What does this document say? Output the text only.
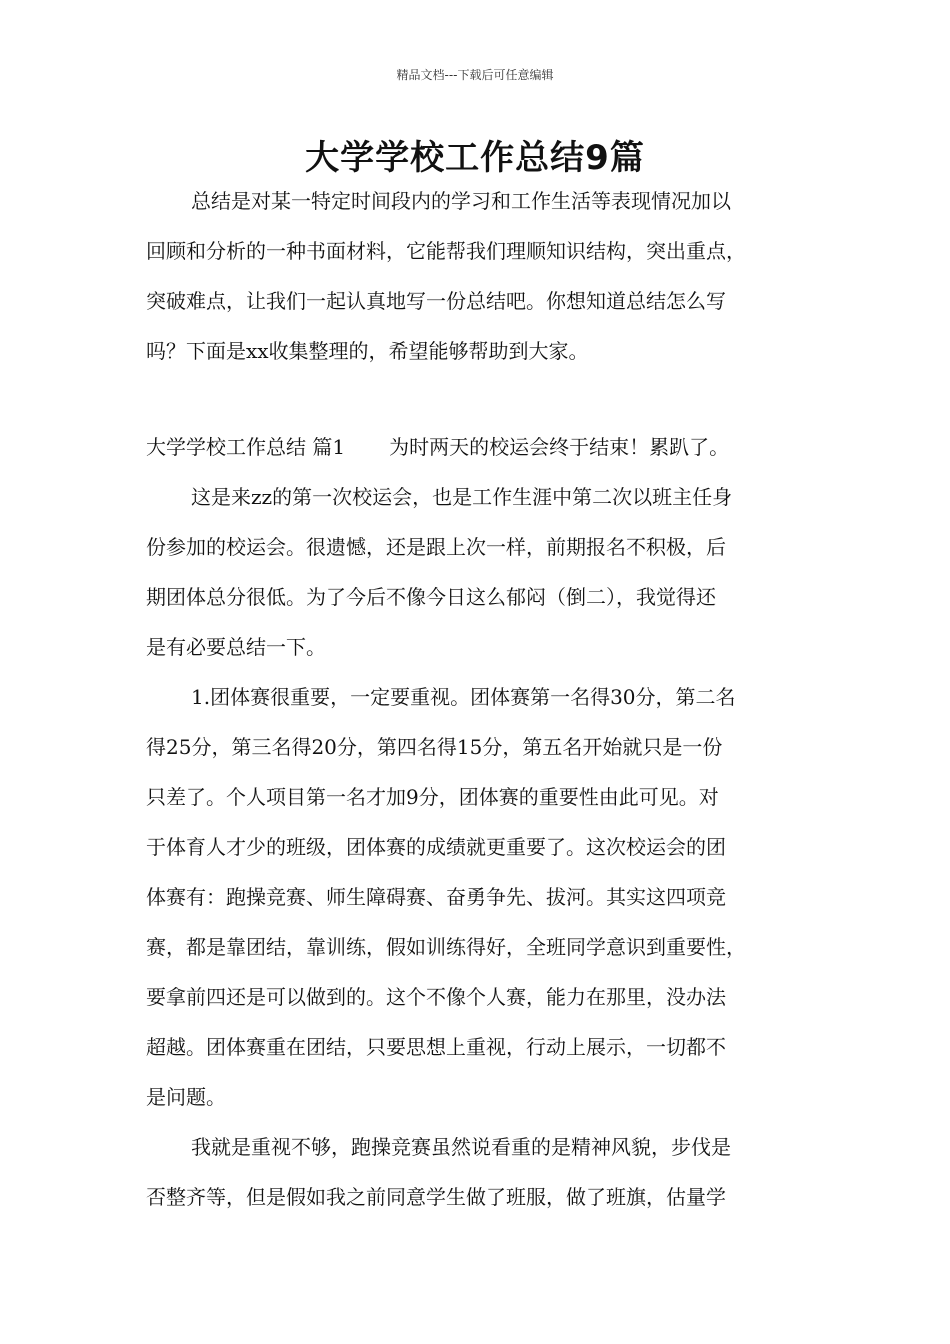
精品文档---下载后可任意编辑
大学学校工作总结9篇
总结是对某一特定时间段内的学习和工作生活等表现情况加以
回顾和分析的一种书面材料，它能帮我们理顺知识结构，突出重点，
突破难点，让我们一起认真地写一份总结吧。你想知道总结怎么写
吗？下面是xx收集整理的，希望能够帮助到大家。
大学学校工作总结 篇1 为时两天的校运会终于结束！累趴了。
这是来zz的第一次校运会，也是工作生涯中第二次以班主任身
份参加的校运会。很遗憾，还是跟上次一样，前期报名不积极，后
期团体总分很低。为了今后不像今日这么郁闷（倒二），我觉得还
是有必要总结一下。
1.团体赛很重要，一定要重视。团体赛第一名得30分，第二名
得25分，第三名得20分，第四名得15分，第五名开始就只是一份
只差了。个人项目第一名才加9分，团体赛的重要性由此可见。对
于体育人才少的班级，团体赛的成绩就更重要了。这次校运会的团
体赛有：跑操竞赛、师生障碍赛、奋勇争先、拔河。其实这四项竞
赛，都是靠团结，靠训练，假如训练得好，全班同学意识到重要性，
要拿前四还是可以做到的。这个不像个人赛，能力在那里，没办法
超越。团体赛重在团结，只要思想上重视，行动上展示，一切都不
是问题。
我就是重视不够，跑操竞赛虽然说看重的是精神风貌，步伐是
否整齐等，但是假如我之前同意学生做了班服，做了班旗，估量学
